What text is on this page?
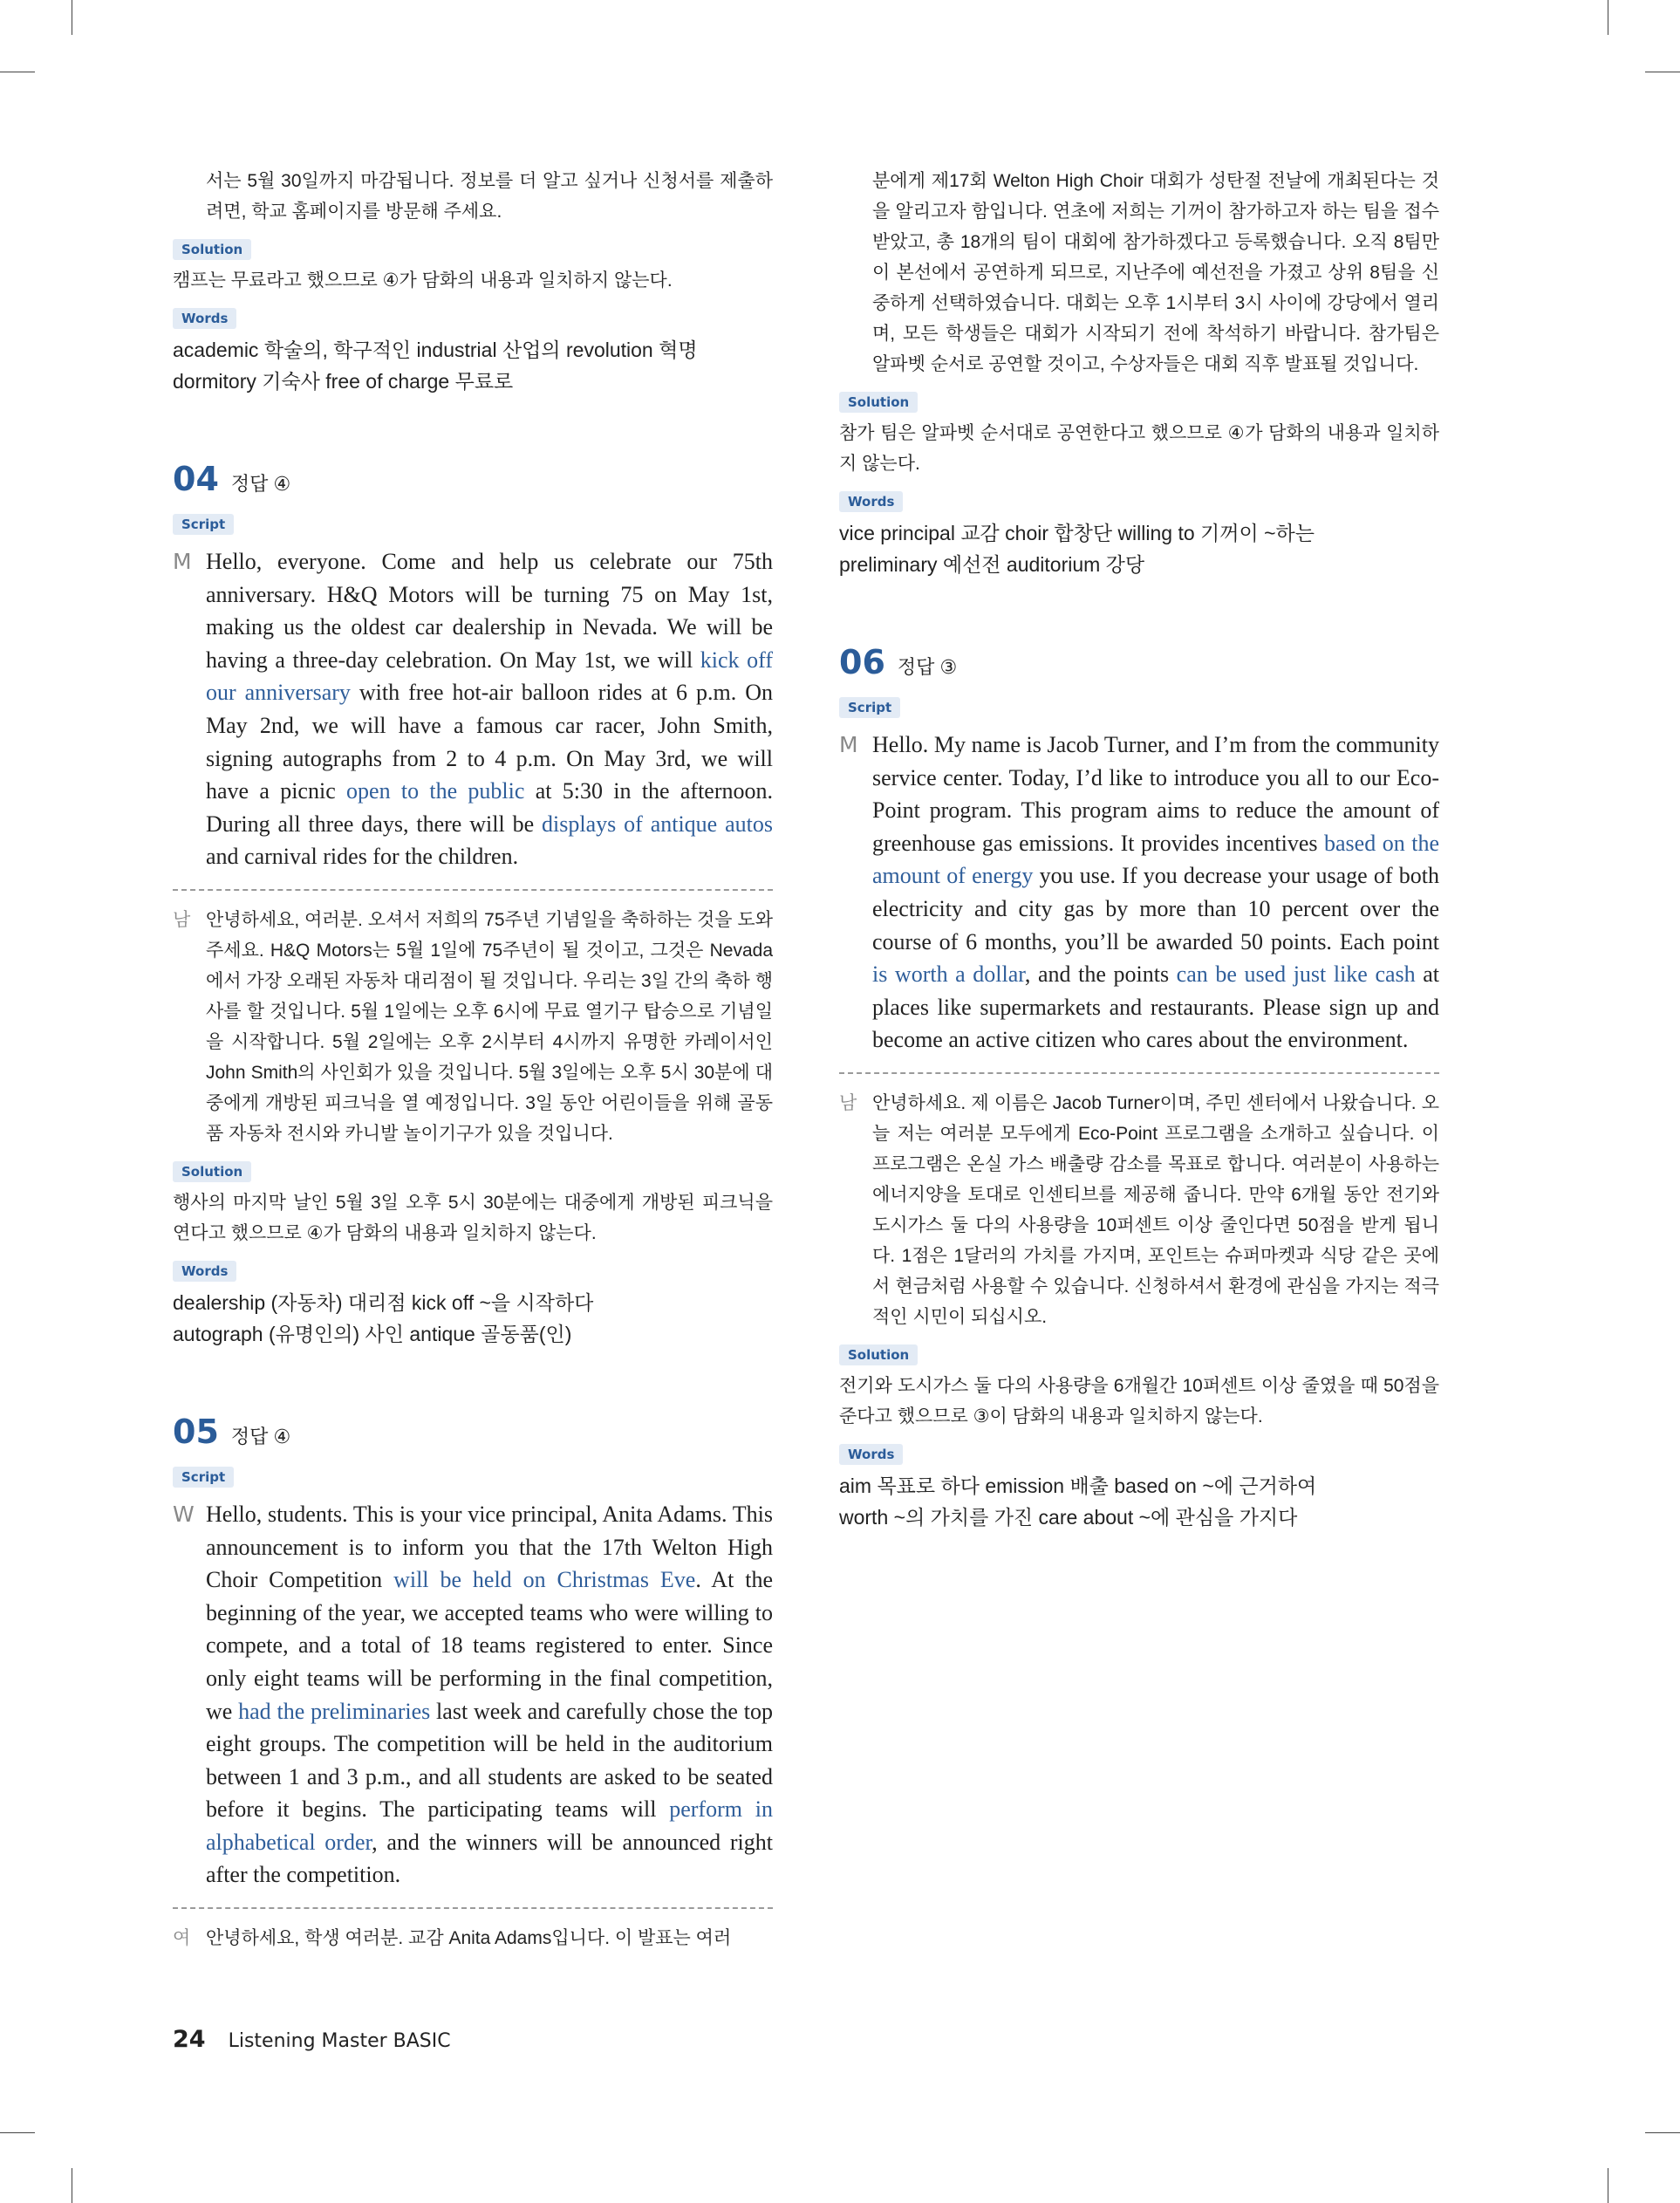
서는 5월 30일까지 마감됩니다. 정보를 더 알고 싶거나 신청서를 제출하려면, 학교 홈페이지를 방문해 주세요.

Solution

캠프는 무료라고 했으므로 ④가 담화의 내용과 일치하지 않는다.

Words

academic 학술의, 학구적인 industrial 산업의 revolution 혁명

dormitory 기숙사 free of charge 무료로

04 정답 ④
Script
M Hello, everyone. Come and help us celebrate our 75th anniversary. H&Q Motors will be turning 75 on May 1st, making us the oldest car dealership in Nevada. We will be having a three-day celebration. On May 1st, we will kick off our anniversary with free hot-air balloon rides at 6 p.m. On May 2nd, we will have a famous car racer, John Smith, signing autographs from 2 to 4 p.m. On May 3rd, we will have a picnic open to the public at 5:30 in the afternoon. During all three days, there will be displays of antique autos and carnival rides for the children.

남 안녕하세요, 여러분. 오셔서 저희의 75주년 기념일을 축하하는 것을 도와주세요. H&Q Motors는 5월 1일에 75주년이 될 것이고, 그것은 Nevada에서 가장 오래된 자동차 대리점이 될 것입니다. 우리는 3일 간의 축하 행사를 할 것입니다. 5월 1일에는 오후 6시에 무료 열기구 탑승으로 기념일을 시작합니다. 5월 2일에는 오후 2시부터 4시까지 유명한 카레이서인 John Smith의 사인회가 있을 것입니다. 5월 3일에는 오후 5시 30분에 대중에게 개방된 피크닉을 열 예정입니다. 3일 동안 어린이들을 위해 골동품 자동차 전시와 카니발 놀이기구가 있을 것입니다.

Solution

행사의 마지막 날인 5월 3일 오후 5시 30분에는 대중에게 개방된 피크닉을 연다고 했으므로 ④가 담화의 내용과 일치하지 않는다.

Words

dealership (자동차) 대리점 kick off ~을 시작하다

autograph (유명인의) 사인 antique 골동품(인)

05 정답 ④
Script
W Hello, students. This is your vice principal, Anita Adams. This announcement is to inform you that the 17th Welton High Choir Competition will be held on Christmas Eve. At the beginning of the year, we accepted teams who were willing to compete, and a total of 18 teams registered to enter. Since only eight teams will be performing in the final competition, we had the preliminaries last week and carefully chose the top eight groups. The competition will be held in the auditorium between 1 and 3 p.m., and all students are asked to be seated before it begins. The participating teams will perform in alphabetical order, and the winners will be announced right after the competition.

여 안녕하세요, 학생 여러분. 교감 Anita Adams입니다. 이 발표는 여러

분에게 제17회 Welton High Choir 대회가 성탄절 전날에 개최된다는 것을 알리고자 함입니다. 연초에 저희는 기꺼이 참가하고자 하는 팀을 접수받았고, 총 18개의 팀이 대회에 참가하겠다고 등록했습니다. 오직 8팀만이 본선에서 공연하게 되므로, 지난주에 예선전을 가졌고 상위 8팀을 신중하게 선택하였습니다. 대회는 오후 1시부터 3시 사이에 강당에서 열리며, 모든 학생들은 대회가 시작되기 전에 착석하기 바랍니다. 참가팀은 알파벳 순서로 공연할 것이고, 수상자들은 대회 직후 발표될 것입니다.

Solution

참가 팀은 알파벳 순서대로 공연한다고 했으므로 ④가 담화의 내용과 일치하지 않는다.

Words

vice principal 교감 choir 합창단 willing to 기꺼이 ~하는

preliminary 예선전 auditorium 강당

06 정답 ③
Script
M Hello. My name is Jacob Turner, and I’m from the community service center. Today, I’d like to introduce you all to our Eco-Point program. This program aims to reduce the amount of greenhouse gas emissions. It provides incentives based on the amount of energy you use. If you decrease your usage of both electricity and city gas by more than 10 percent over the course of 6 months, you’ll be awarded 50 points. Each point is worth a dollar, and the points can be used just like cash at places like supermarkets and restaurants. Please sign up and become an active citizen who cares about the environment.

남 안녕하세요. 제 이름은 Jacob Turner이며, 주민 센터에서 나왔습니다. 오늘 저는 여러분 모두에게 Eco-Point 프로그램을 소개하고 싶습니다. 이 프로그램은 온실 가스 배출량 감소를 목표로 합니다. 여러분이 사용하는 에너지양을 토대로 인센티브를 제공해 줍니다. 만약 6개월 동안 전기와 도시가스 둘 다의 사용량을 10퍼센트 이상 줄인다면 50점을 받게 됩니다. 1점은 1달러의 가치를 가지며, 포인트는 슈퍼마켓과 식당 같은 곳에서 현금처럼 사용할 수 있습니다. 신청하셔서 환경에 관심을 가지는 적극적인 시민이 되십시오.

Solution

전기와 도시가스 둘 다의 사용량을 6개월간 10퍼센트 이상 줄였을 때 50점을 준다고 했으므로 ③이 담화의 내용과 일치하지 않는다.

Words

aim 목표로 하다 emission 배출 based on ~에 근거하여

worth ~의 가치를 가진 care about ~에 관심을 가지다

24 Listening Master BASIC
